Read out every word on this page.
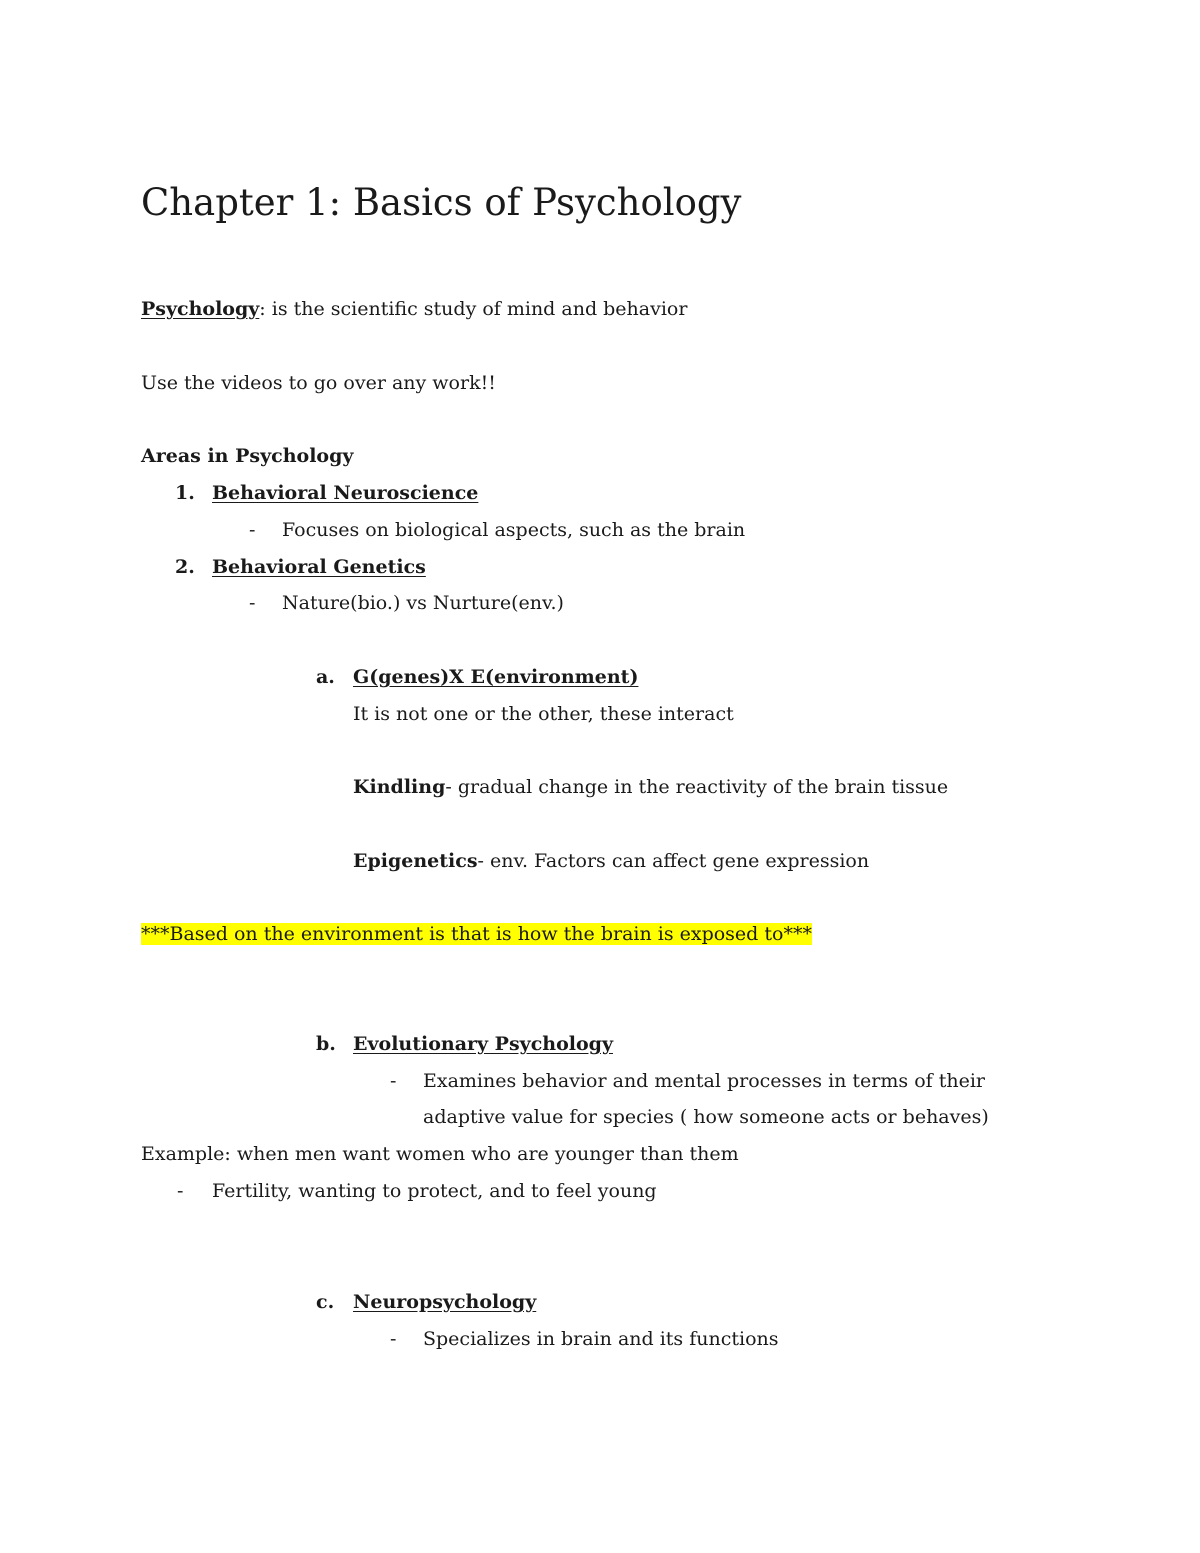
Chapter 1: Basics of Psychology
Psychology: is the scientific study of mind and behavior
Use the videos to go over any work!!
Areas in Psychology
1. Behavioral Neuroscience
- Focuses on biological aspects, such as the brain
2. Behavioral Genetics
- Nature(bio.) vs Nurture(env.)
a. G(genes)X E(environment)
It is not one or the other, these interact
Kindling- gradual change in the reactivity of the brain tissue
Epigenetics- env. Factors can affect gene expression
***Based on the environment is that is how the brain is exposed to***
b. Evolutionary Psychology
- Examines behavior and mental processes in terms of their
adaptive value for species ( how someone acts or behaves)
Example: when men want women who are younger than them
- Fertility, wanting to protect, and to feel young
c. Neuropsychology
- Specializes in brain and its functions
